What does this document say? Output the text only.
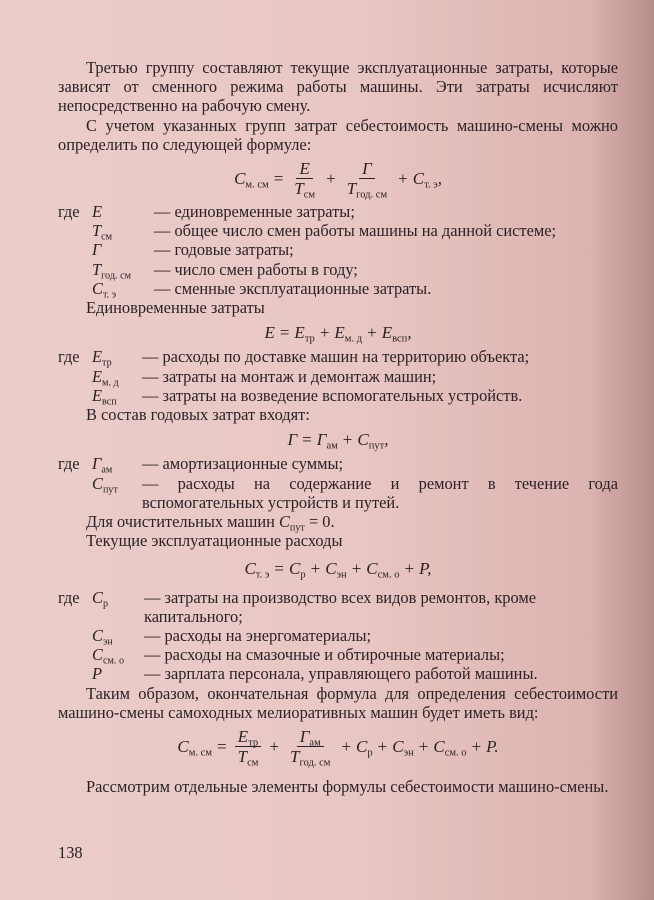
Третью группу составляют текущие эксплуатационные затраты, которые зависят от сменного режима работы машины. Эти затраты исчисляют непосредственно на рабочую смену.

С учетом указанных групп затрат себестоимость машино-смены можно определить по следующей формуле:

$C_{м. см} = \frac{E}{T_{см}} + \frac{Г}{T_{год. см}} + C_{т. э}$,
где E	— единовременные затраты;
$T_{см}$	— общее число смен работы машины на данной системе;
Г	— годовые затраты;
$T_{год. см}$	— число смен работы в году;
$C_{т. э}$	— сменные эксплуатационные затраты.

Единовременные затраты

$E = E_{тр} + E_{м. д} + E_{всп}$,
где $E_{тр}$	— расходы по доставке машин на территорию объекта;
$E_{м. д}$	— затраты на монтаж и демонтаж машин;
$E_{всп}$	— затраты на возведение вспомогательных устройств.

В состав годовых затрат входят:

$Г = Г_{ам} + C_{пут}$,
где $Г_{ам}$	— амортизационные суммы;
$C_{пут}$	— расходы на содержание и ремонт в течение года вспомогательных устройств и путей.

Для очистительных машин $C_{пут} = 0$.

Текущие эксплуатационные расходы

$C_{т. э} = C_р + C_{эн} + C_{см. о} + P$,
где $C_р$	— затраты на производство всех видов ремонтов, кроме капитального;
$C_{эн}$	— расходы на энергоматериалы;
$C_{см. о}$	— расходы на смазочные и обтирочные материалы;
P	— зарплата персонала, управляющего работой машины.

Таким образом, окончательная формула для определения себестоимости машино-смены самоходных мелиоративных машин будет иметь вид:

$C_{м. см} = \frac{E_{тр}}{T_{см}} + \frac{Г_{ам}}{T_{год. см}} + C_р + C_{эн} + C_{см. о} + P$.

Рассмотрим отдельные элементы формулы себестоимости машино-смены.

138
